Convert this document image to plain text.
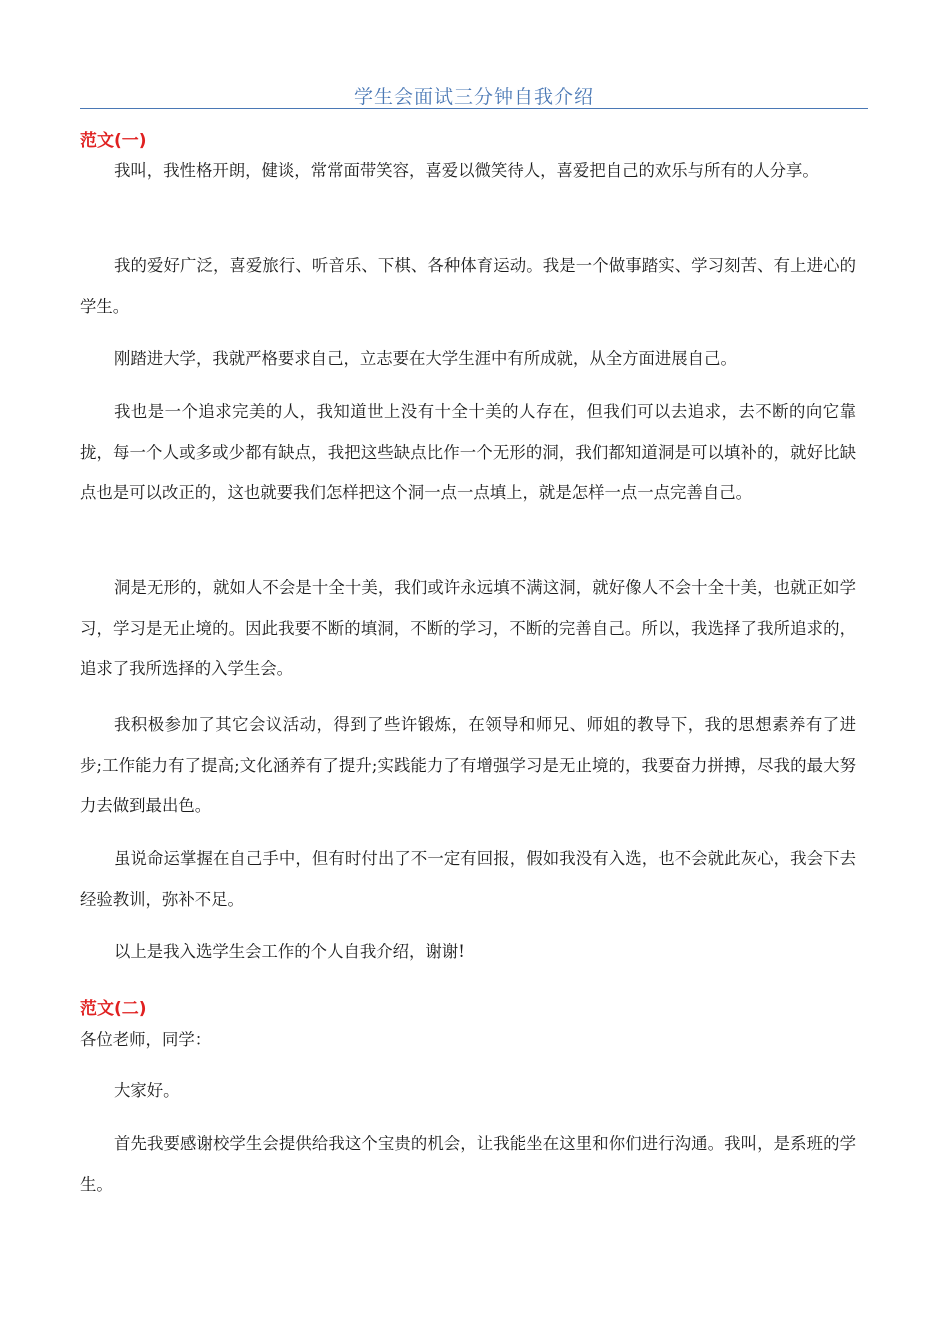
学生会面试三分钟自我介绍
范文(一)

我叫，我性格开朗，健谈，常常面带笑容，喜爱以微笑待人，喜爱把自己的欢乐与所有的人分享。

我的爱好广泛，喜爱旅行、听音乐、下棋、各种体育运动。我是一个做事踏实、学习刻苦、有上进心的学生。

刚踏进大学，我就严格要求自己，立志要在大学生涯中有所成就，从全方面进展自己。

我也是一个追求完美的人，我知道世上没有十全十美的人存在，但我们可以去追求，去不断的向它靠拢，每一个人或多或少都有缺点，我把这些缺点比作一个无形的洞，我们都知道洞是可以填补的，就好比缺点也是可以改正的，这也就要我们怎样把这个洞一点一点填上，就是怎样一点一点完善自己。

洞是无形的，就如人不会是十全十美，我们或许永远填不满这洞，就好像人不会十全十美，也就正如学习，学习是无止境的。因此我要不断的填洞，不断的学习，不断的完善自己。所以，我选择了我所追求的，追求了我所选择的入学生会。

我积极参加了其它会议活动，得到了些许锻炼，在领导和师兄、师姐的教导下，我的思想素养有了进步;工作能力有了提高;文化涵养有了提升;实践能力了有增强学习是无止境的，我要奋力拼搏，尽我的最大努力去做到最出色。

虽说命运掌握在自己手中，但有时付出了不一定有回报，假如我没有入选，也不会就此灰心，我会下去经验教训，弥补不足。

以上是我入选学生会工作的个人自我介绍，谢谢!

范文(二)

各位老师，同学：

大家好。

首先我要感谢校学生会提供给我这个宝贵的机会，让我能坐在这里和你们进行沟通。我叫，是系班的学生。
